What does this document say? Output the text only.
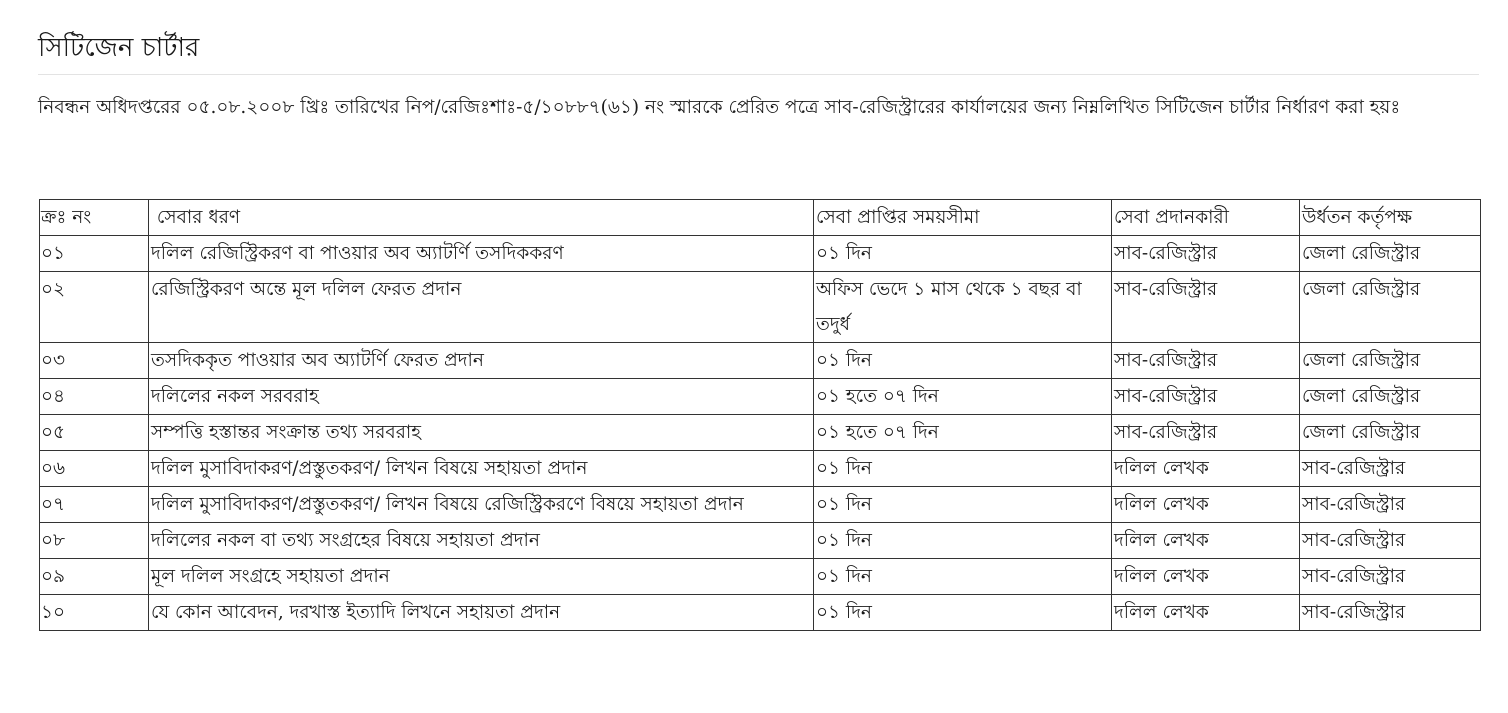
সিটিজেন চার্টার

নিবন্ধন অধিদপ্তরের ০৫.০৮.২০০৮ খ্রিঃ তারিখের নিপ/রেজিঃশাঃ-৫/১০৮৮৭(৬১) নং স্মারকে প্রেরিত পত্রে সাব-রেজিস্ট্রারের কার্যালয়ের জন্য নিম্নলিখিত সিটিজেন চার্টার নির্ধারণ করা হয়ঃ

ক্রঃ নং	সেবার ধরণ	সেবা প্রাপ্তির সময়সীমা	সেবা প্রদানকারী	উর্ধতন কর্তৃপক্ষ
০১	দলিল রেজিস্ট্রিকরণ বা পাওয়ার অব অ্যাটর্ণি তসদিককরণ	০১ দিন	সাব-রেজিস্ট্রার	জেলা রেজিস্ট্রার
০২	রেজিস্ট্রিকরণ অন্তে মূল দলিল ফেরত প্রদান	অফিস ভেদে ১ মাস থেকে ১ বছর বা তদুর্ধ	সাব-রেজিস্ট্রার	জেলা রেজিস্ট্রার
০৩	তসদিককৃত পাওয়ার অব অ্যাটর্ণি ফেরত প্রদান	০১ দিন	সাব-রেজিস্ট্রার	জেলা রেজিস্ট্রার
০৪	দলিলের নকল সরবরাহ	০১ হতে ০৭ দিন	সাব-রেজিস্ট্রার	জেলা রেজিস্ট্রার
০৫	সম্পত্তি হস্তান্তর সংক্রান্ত তথ্য সরবরাহ	০১ হতে ০৭ দিন	সাব-রেজিস্ট্রার	জেলা রেজিস্ট্রার
০৬	দলিল মুসাবিদাকরণ/প্রস্তুতকরণ/ লিখন বিষয়ে সহায়তা প্রদান	০১ দিন	দলিল লেখক	সাব-রেজিস্ট্রার
০৭	দলিল মুসাবিদাকরণ/প্রস্তুতকরণ/ লিখন বিষয়ে রেজিস্ট্রিকরণে বিষয়ে সহায়তা প্রদান	০১ দিন	দলিল লেখক	সাব-রেজিস্ট্রার
০৮	দলিলের নকল বা তথ্য সংগ্রহের বিষয়ে সহায়তা প্রদান	০১ দিন	দলিল লেখক	সাব-রেজিস্ট্রার
০৯	মূল দলিল সংগ্রহে সহায়তা প্রদান	০১ দিন	দলিল লেখক	সাব-রেজিস্ট্রার
১০	যে কোন আবেদন, দরখাস্ত ইত্যাদি লিখনে সহায়তা প্রদান	০১ দিন	দলিল লেখক	সাব-রেজিস্ট্রার
